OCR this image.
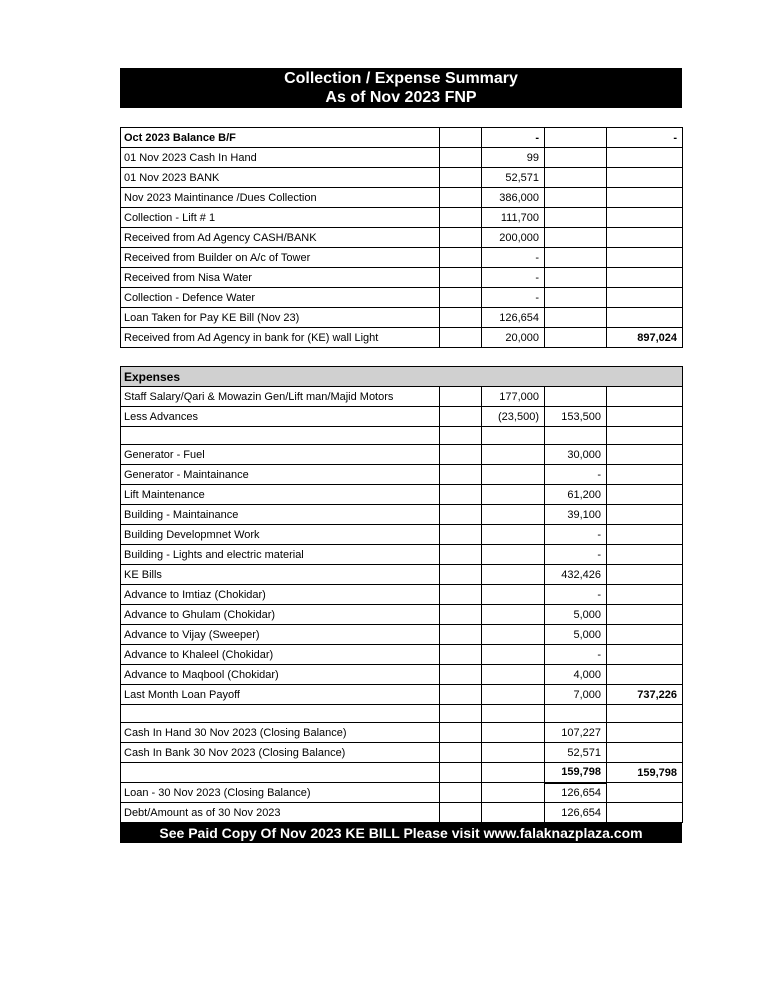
Collection / Expense Summary
As of Nov 2023 FNP
Oct 2023 Balance B/F		-		-
01 Nov 2023 Cash In Hand		99		
01 Nov 2023 BANK		52,571		
Nov 2023 Maintinance /Dues Collection		386,000		
Collection - Lift # 1		111,700		
Received from Ad Agency CASH/BANK		200,000		
Received from Builder on A/c of Tower		-		
Received from Nisa Water		-		
Collection - Defence Water		-		
Loan Taken for Pay KE Bill (Nov 23)		126,654		
Received from Ad Agency in bank for (KE) wall Light		20,000		897,024
Expenses				
Staff Salary/Qari & Mowazin Gen/Lift man/Majid Motors		177,000		
Less Advances		(23,500)	153,500	

Generator - Fuel			30,000	
Generator - Maintainance			-	
Lift Maintenance			61,200	
Building - Maintainance			39,100	
Building Developmnet Work			-	
Building - Lights and electric material			-	
KE Bills			432,426	
Advance to Imtiaz (Chokidar)			-	
Advance to Ghulam (Chokidar)			5,000	
Advance to Vijay (Sweeper)			5,000	
Advance to Khaleel (Chokidar)			-	
Advance to Maqbool (Chokidar)			4,000	
Last Month Loan Payoff			7,000	737,226

Cash In Hand 30 Nov 2023 (Closing Balance)			107,227	
Cash In Bank 30 Nov 2023 (Closing Balance)			52,571	
			159,798	159,798
Loan - 30 Nov 2023 (Closing Balance)			126,654	
Debt/Amount as of 30 Nov 2023			126,654	
See Paid Copy Of Nov 2023 KE BILL Please visit www.falaknazplaza.com
